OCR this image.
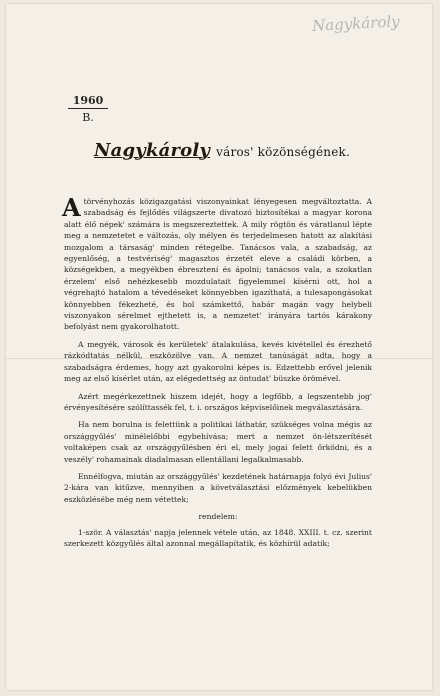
Nagykároly
1960
B.
Nagykároly város' közönségének.

Atörvényhozás közigazgatási viszonyainkat lényegesen megváltoztatta. A szabadság és fejlődés világszerte divatozó biztosítékai a magyar korona alatt élő népek' számára is megszereztettek. A mily rögtön és váratlanul lépte meg a nemzetetet e változás, oly mélyen és terjedelmesen hatott az alakítási mozgalom a társaság' minden rétegelbe. Tanácsos vala, a szabadság, az egyenlőség, a testvériség' magasztos érzetét eleve a családi körben, a községekben, a megyékben ébresztení és ápolni; tanácsos vala, a szokatlan érzelem' első nehézkesebb mozdulatait figyelemmel kísérni ott, hol a végrehajtó hatalom a tévedéseket könnyebben igazíthatá, a tulesapongásokat könnyebben fékezheté, és hol számkettő, habár magán vagy helybeli viszonyakon sérelmet ejthetett is, a nemzetet' irányára tartós kárakony befolyást nem gyakorolhatott.

A megyék, városok és kerületek' átalakulása, kevés kivétellel és érezhető rázkódtatás nélkül, eszközölve van. A nemzet tanúságát adta, hogy a szabadságra érdemes, hogy azt gyakorolni képes is. Edzettebb erővel jelenik meg az első kísérlet után, az elégedettség az öntudat' büszke örömével.

Azért megérkezettnek hiszem idejét, hogy a legfőbb, a legszentebb jog' érvényesítésére szólíttassék fel, t. i. országos képviselőinek megválasztására.

Ha nem borulna is felettünk a politikai láthatár, szükséges volna mégis az országgyűlés' minélelőbbi egybehívása; mert a nemzet ön-létszerítését voltaképen csak az országgyűlésben éri el, mely jogai felett őrködni, és a veszély' rohamainak diadalmasan ellentállani legalkalmasabb.

Ennélfogva, miután az országgyűlés' kezdetének határnapja folyó évi Julius' 2-kára van kitűzve, mennyiben a követválasztási előzmények kebelükben eszközlésébe még nem vétettek;

rendelem:

1-ször. A választás' napja jelennek vétele után, az 1848. XXIII. t. cz. szerint szerkezett közgyűlés által azonnal megállapítatik, és közhírül adatik;
